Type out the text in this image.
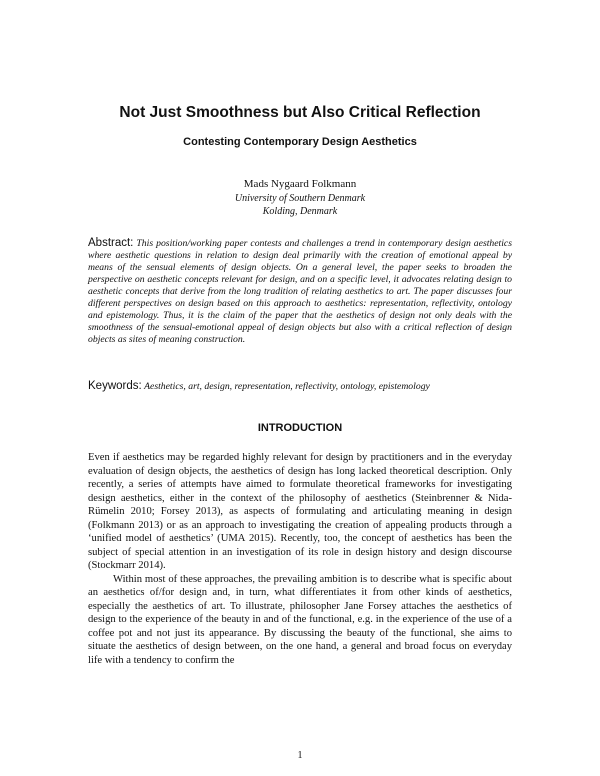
Not Just Smoothness but Also Critical Reflection
Contesting Contemporary Design Aesthetics
Mads Nygaard Folkmann
University of Southern Denmark
Kolding, Denmark
Abstract: This position/working paper contests and challenges a trend in contemporary design aesthetics where aesthetic questions in relation to design deal primarily with the creation of emotional appeal by means of the sensual elements of design objects. On a general level, the paper seeks to broaden the perspective on aesthetic concepts relevant for design, and on a specific level, it advocates relating design to aesthetic concepts that derive from the long tradition of relating aesthetics to art. The paper discusses four different perspectives on design based on this approach to aesthetics: representation, reflectivity, ontology and epistemology. Thus, it is the claim of the paper that the aesthetics of design not only deals with the smoothness of the sensual-emotional appeal of design objects but also with a critical reflection of design objects as sites of meaning construction.
Keywords: Aesthetics, art, design, representation, reflectivity, ontology, epistemology
INTRODUCTION

Even if aesthetics may be regarded highly relevant for design by practitioners and in the everyday evaluation of design objects, the aesthetics of design has long lacked theoretical description. Only recently, a series of attempts have aimed to formulate theoretical frameworks for investigating design aesthetics, either in the context of the philosophy of aesthetics (Steinbrenner & Nida-Rümelin 2010; Forsey 2013), as aspects of formulating and articulating meaning in design (Folkmann 2013) or as an approach to investigating the creation of appealing products through a ‘unified model of aesthetics’ (UMA 2015). Recently, too, the concept of aesthetics has been the subject of special attention in an investigation of its role in design history and design discourse (Stockmarr 2014).

Within most of these approaches, the prevailing ambition is to describe what is specific about an aesthetics of/for design and, in turn, what differentiates it from other kinds of aesthetics, especially the aesthetics of art. To illustrate, philosopher Jane Forsey attaches the aesthetics of design to the experience of the beauty in and of the functional, e.g. in the experience of the use of a coffee pot and not just its appearance. By discussing the beauty of the functional, she aims to situate the aesthetics of design between, on the one hand, a general and broad focus on everyday life with a tendency to confirm the

1
